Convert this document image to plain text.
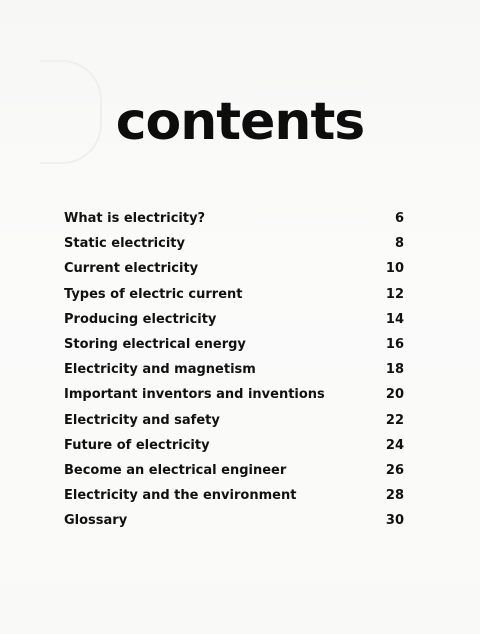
contents
What is electricity?	6
Static electricity	8
Current electricity	10
Types of electric current	12
Producing electricity	14
Storing electrical energy	16
Electricity and magnetism	18
Important inventors and inventions	20
Electricity and safety	22
Future of electricity	24
Become an electrical engineer	26
Electricity and the environment	28
Glossary	30
